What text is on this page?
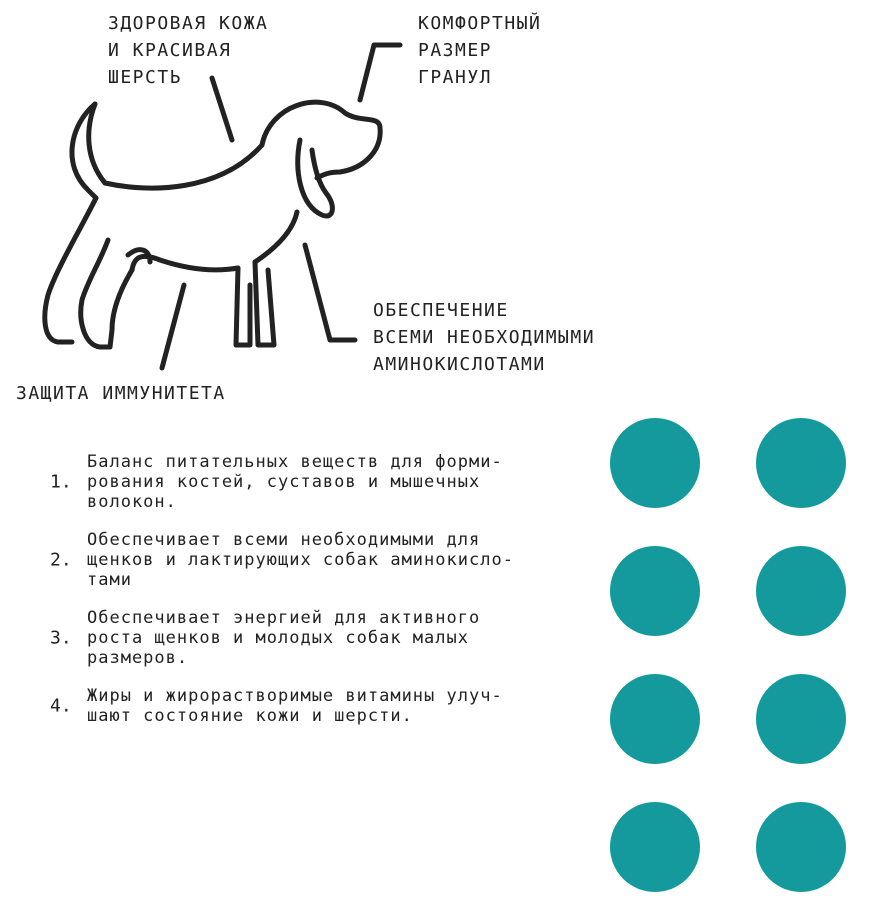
ЗДОРОВАЯ КОЖА
И КРАСИВАЯ
ШЕРСТЬ
КОМФОРТНЫЙ
РАЗМЕР
ГРАНУЛ
ОБЕСПЕЧЕНИЕ
ВСЕМИ НЕОБХОДИМЫМИ
АМИНОКИСЛОТАМИ
ЗАЩИТА ИММУНИТЕТА
1.
Баланс питательных веществ для форми-
рования костей, суставов и мышечных
волокон.
2.
Обеспечивает всеми необходимыми для
щенков и лактирующих собак аминокисло-
тами
3.
Обеспечивает энергией для активного
роста щенков и молодых собак малых
размеров.
4. Жиры и жирорастворимые витамины улуч-
шают состояние кожи и шерсти.
